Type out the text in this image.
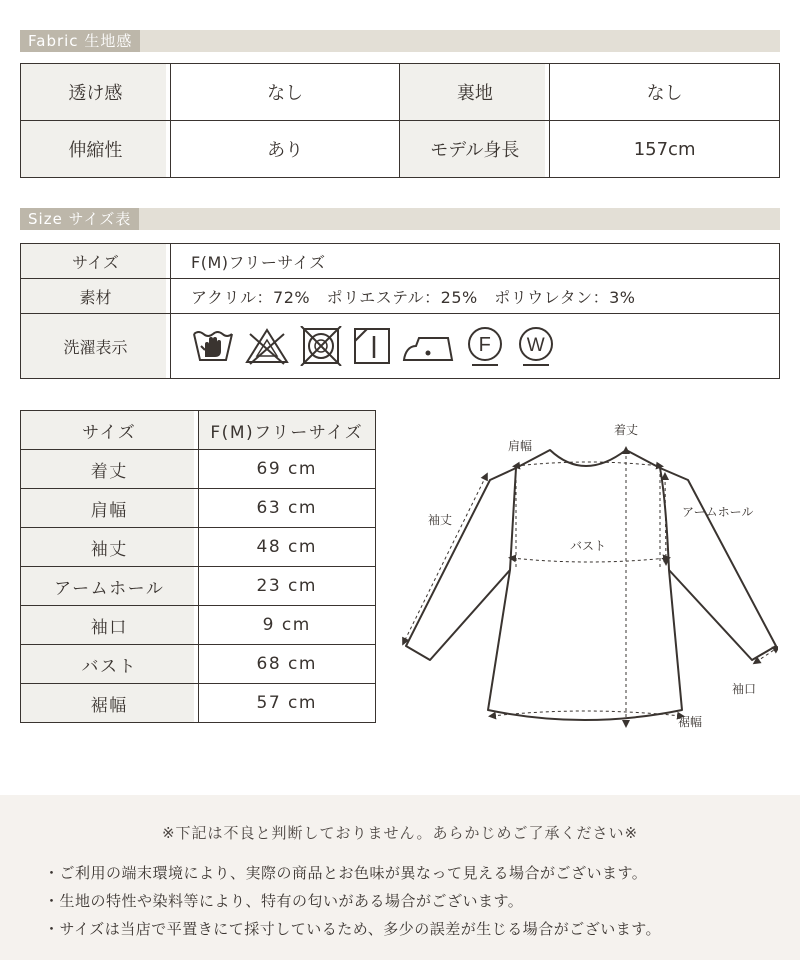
Fabric 生地感
透け感	なし	裏地	なし
伸縮性	あり	モデル身長	157cm
Size サイズ表
サイズ	F(M)フリーサイズ
素材	アクリル：72%　ポリエステル：25%　ポリウレタン：3%
洗濯表示	F W
サイズ	F(M)フリーサイズ
着丈	69 cm
肩幅	63 cm
袖丈	48 cm
アームホール	23 cm
袖口	9 cm
バスト	68 cm
裾幅	57 cm
着丈
肩幅
袖丈
アームホール
バスト
袖口
裾幅
※下記は不良と判断しておりません。あらかじめご了承ください※
・ご利用の端末環境により、実際の商品とお色味が異なって見える場合がございます。
・生地の特性や染料等により、特有の匂いがある場合がございます。
・サイズは当店で平置きにて採寸しているため、多少の誤差が生じる場合がございます。
